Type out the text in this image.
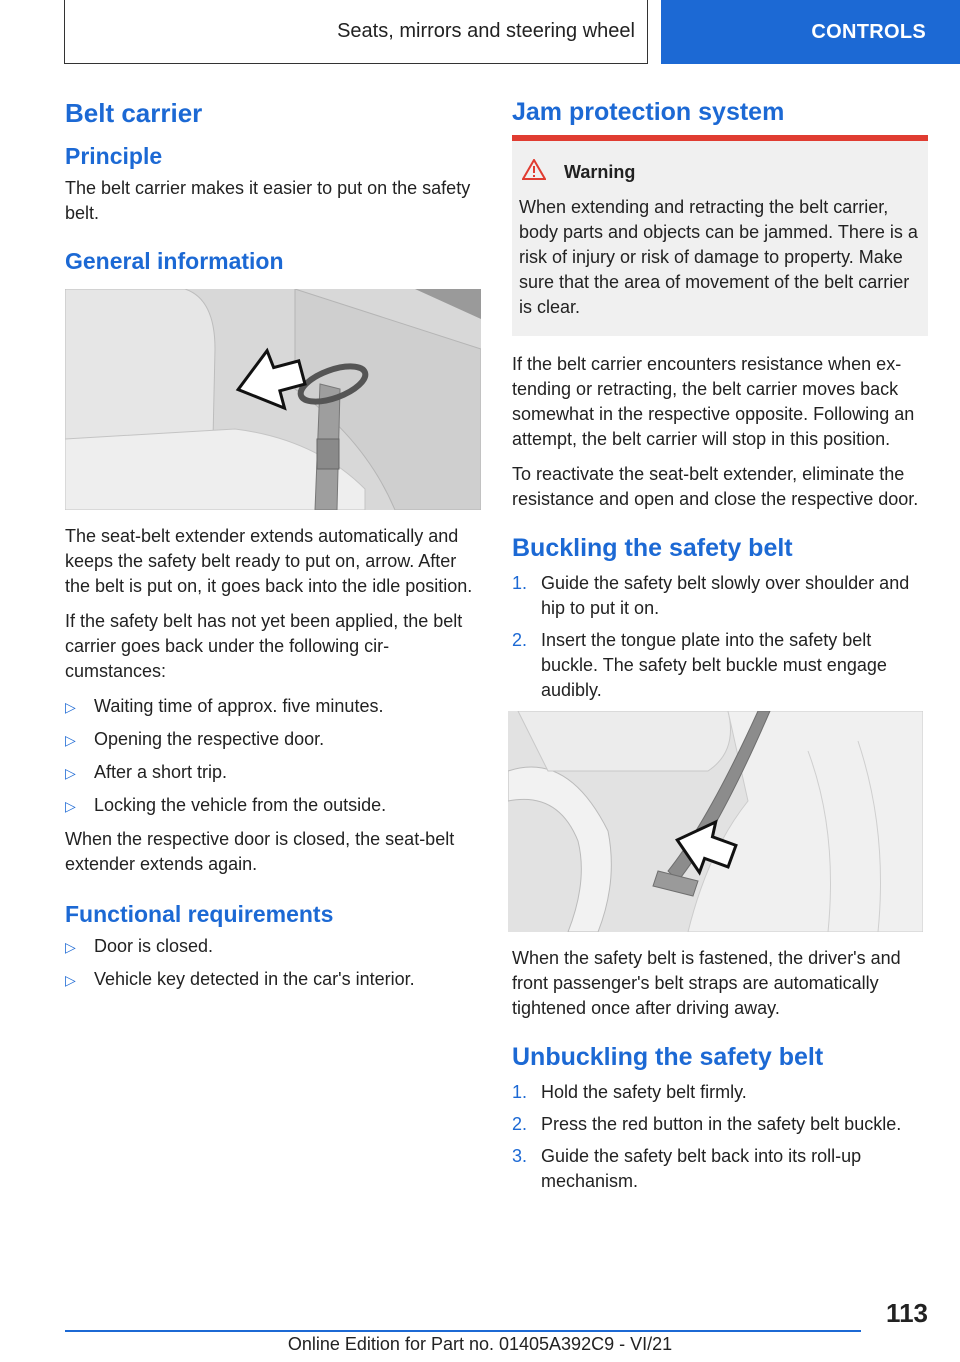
Seats, mirrors and steering wheel	CONTROLS
Belt carrier
Principle

The belt carrier makes it easier to put on the safety belt.

General information

The seat-belt extender extends automatically and keeps the safety belt ready to put on, arrow. After the belt is put on, it goes back into the idle position.

If the safety belt has not yet been applied, the belt carrier goes back under the following circumstances:

▷	Waiting time of approx. five minutes.
▷	Opening the respective door.
▷	After a short trip.
▷	Locking the vehicle from the outside.

When the respective door is closed, the seat-belt extender extends again.

Functional requirements
▷	Door is closed.
▷	Vehicle key detected in the car's interior.
Jam protection system
Warning

When extending and retracting the belt carrier, body parts and objects can be jammed. There is a risk of injury or risk of damage to property. Make sure that the area of movement of the belt carrier is clear.

If the belt carrier encounters resistance when extending or retracting, the belt carrier moves back somewhat in the respective opposite. Following an attempt, the belt carrier will stop in this position.

To reactivate the seat-belt extender, eliminate the resistance and open and close the respective door.

Buckling the safety belt
1. Guide the safety belt slowly over shoulder and hip to put it on.
2. Insert the tongue plate into the safety belt buckle. The safety belt buckle must engage audibly.

When the safety belt is fastened, the driver's and front passenger's belt straps are automatically tightened once after driving away.

Unbuckling the safety belt
1. Hold the safety belt firmly.
2. Press the red button in the safety belt buckle.
3. Guide the safety belt back into its roll-up mechanism.
113
Online Edition for Part no. 01405A392C9 - VI/21
